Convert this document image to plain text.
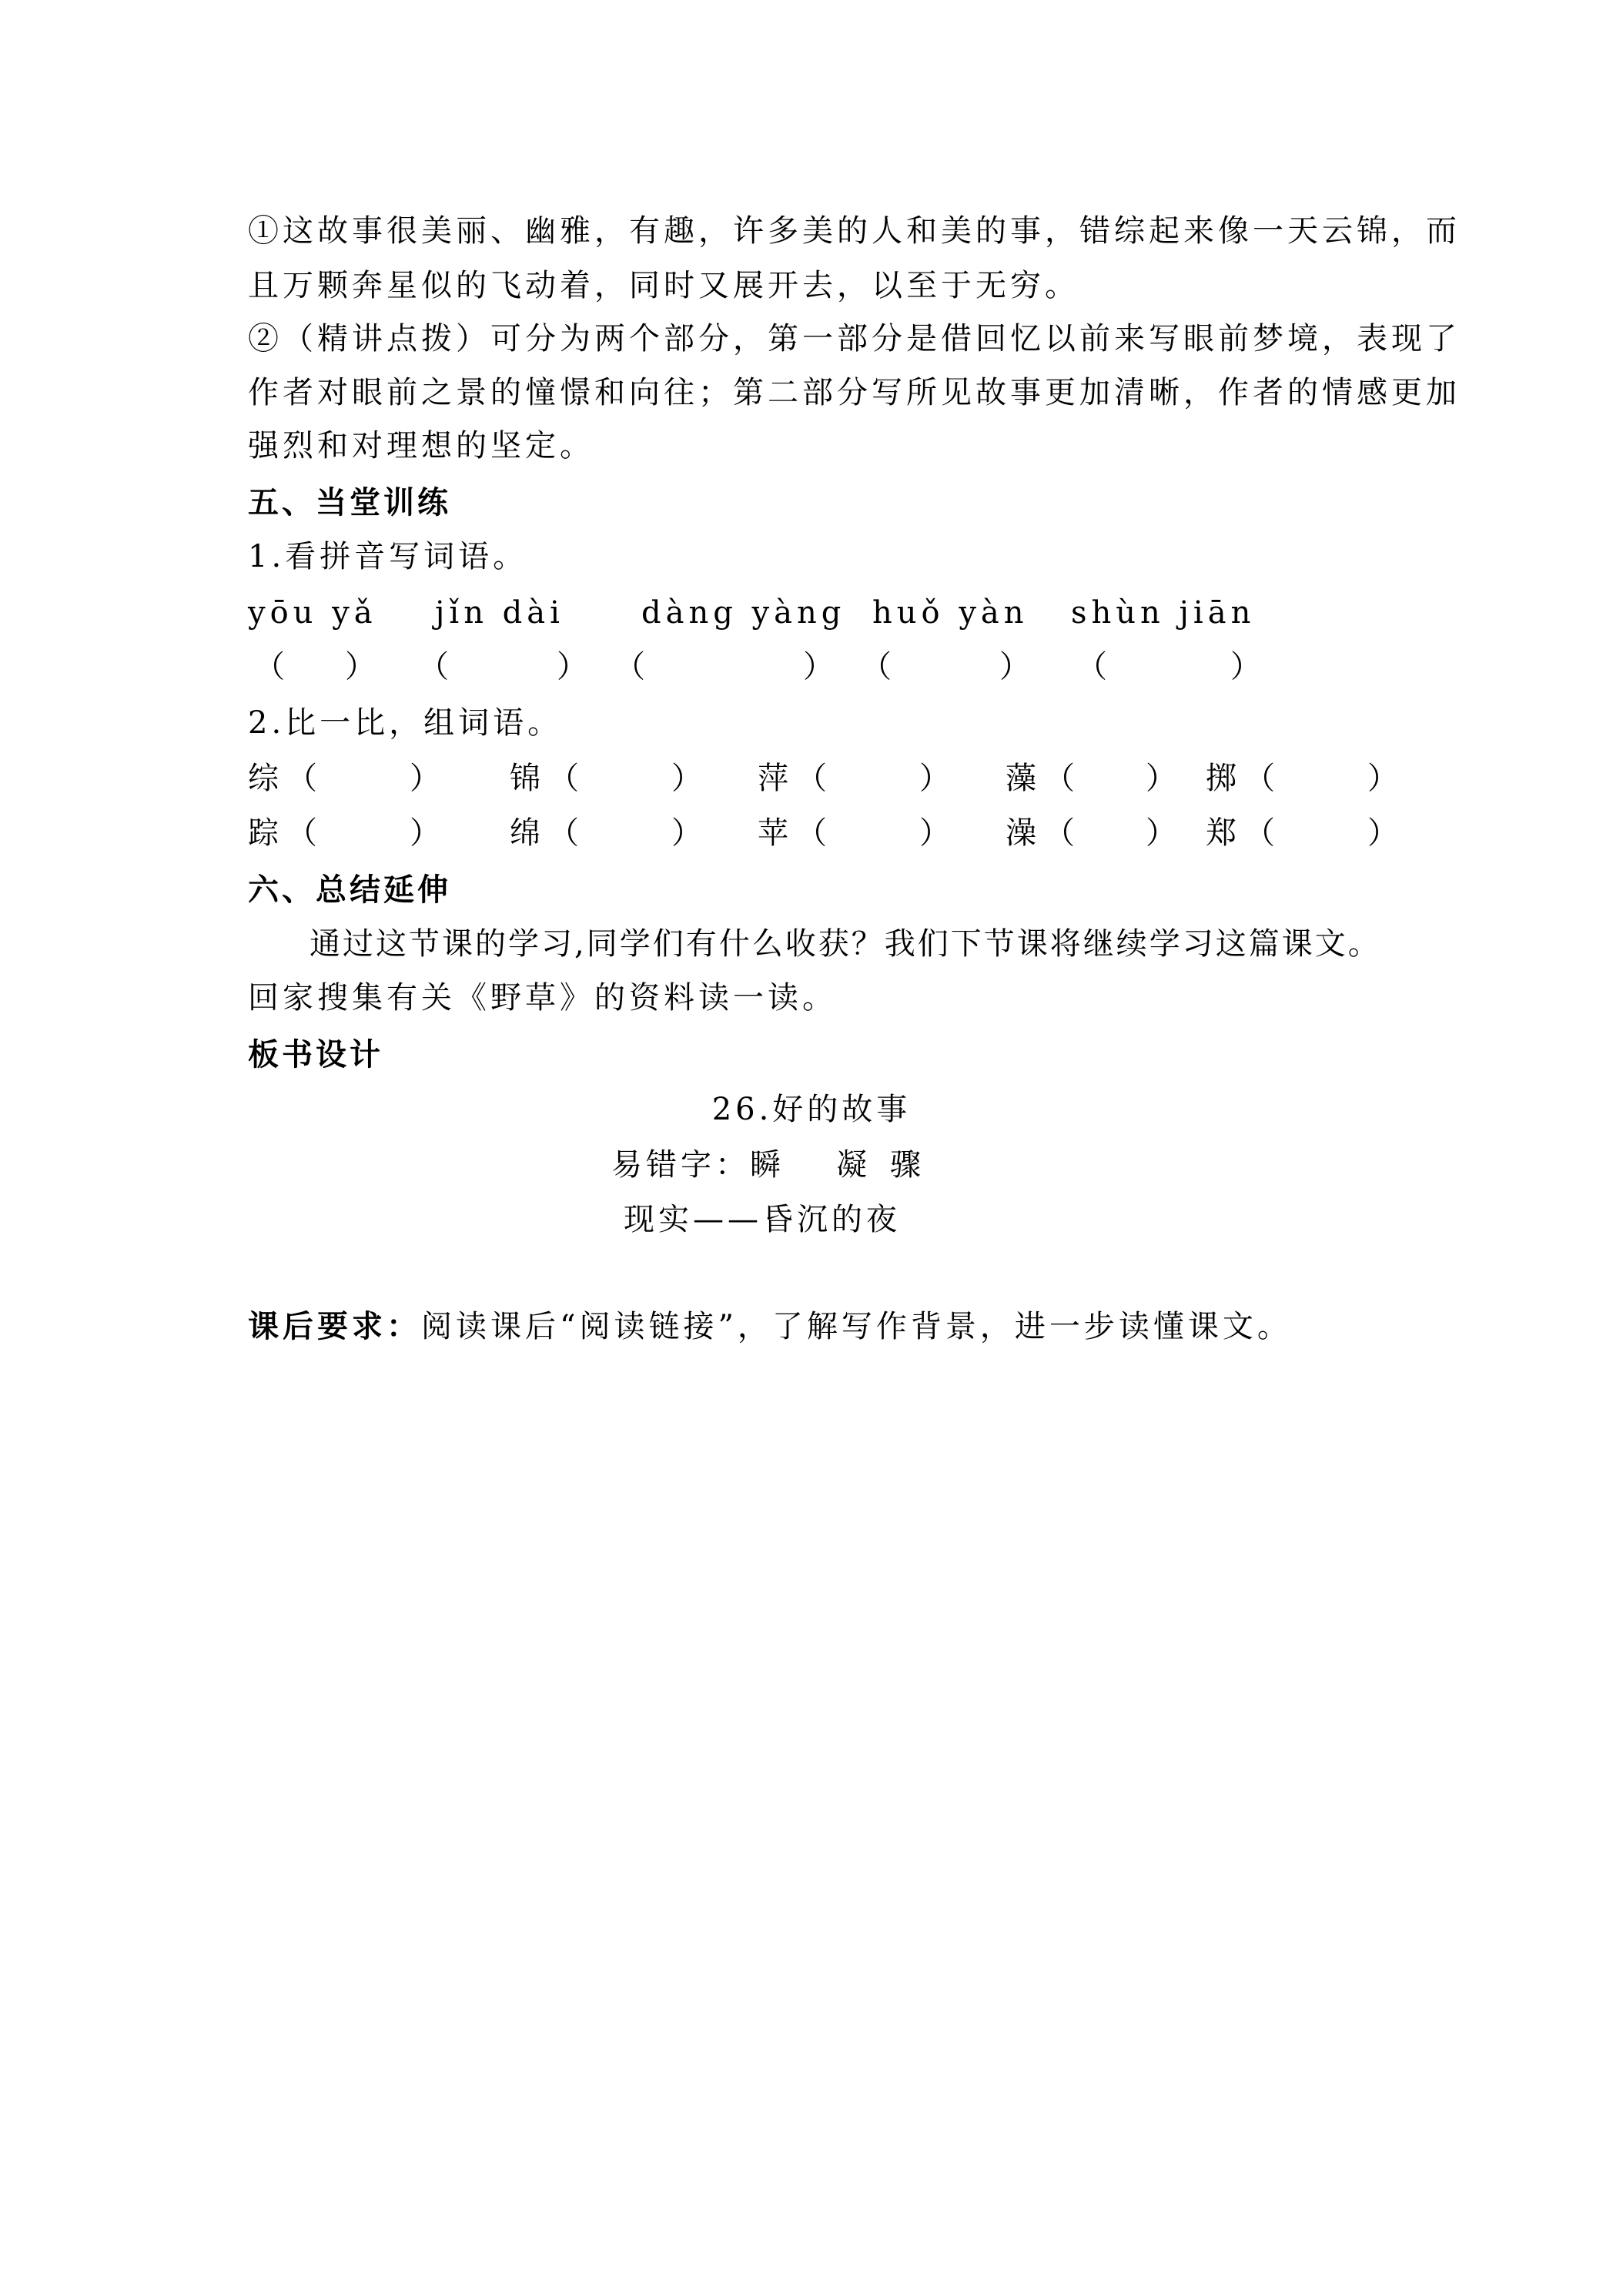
①这故事很美丽、幽雅，有趣，许多美的人和美的事，错综起来像一天云锦，而
且万颗奔星似的飞动着，同时又展开去，以至于无穷。
②（精讲点拨）可分为两个部分，第一部分是借回忆以前来写眼前梦境，表现了
作者对眼前之景的憧憬和向往；第二部分写所见故事更加清晰，作者的情感更加
强烈和对理想的坚定。
五、当堂训练
1.看拼音写词语。
yōu yǎ jǐn dài	dàng yàng huǒ yàn shùn jiān
（ ） （	） （	） （	） （	）
2.比一比，组词语。
综 （	） 锦 （	） 萍 （	） 藻 （ ） 掷 （	）
踪 （	） 绵 （	） 苹 （	） 澡 （ ） 郑 （	）
六、总结延伸
通过这节课的学习,同学们有什么收获？我们下节课将继续学习这篇课文。
回家搜集有关《野草》的资料读一读。
板书设计
26.好的故事
易错字：瞬 凝 骤
现实——昏沉的夜
课后要求：阅读课后“阅读链接”，了解写作背景，进一步读懂课文。
